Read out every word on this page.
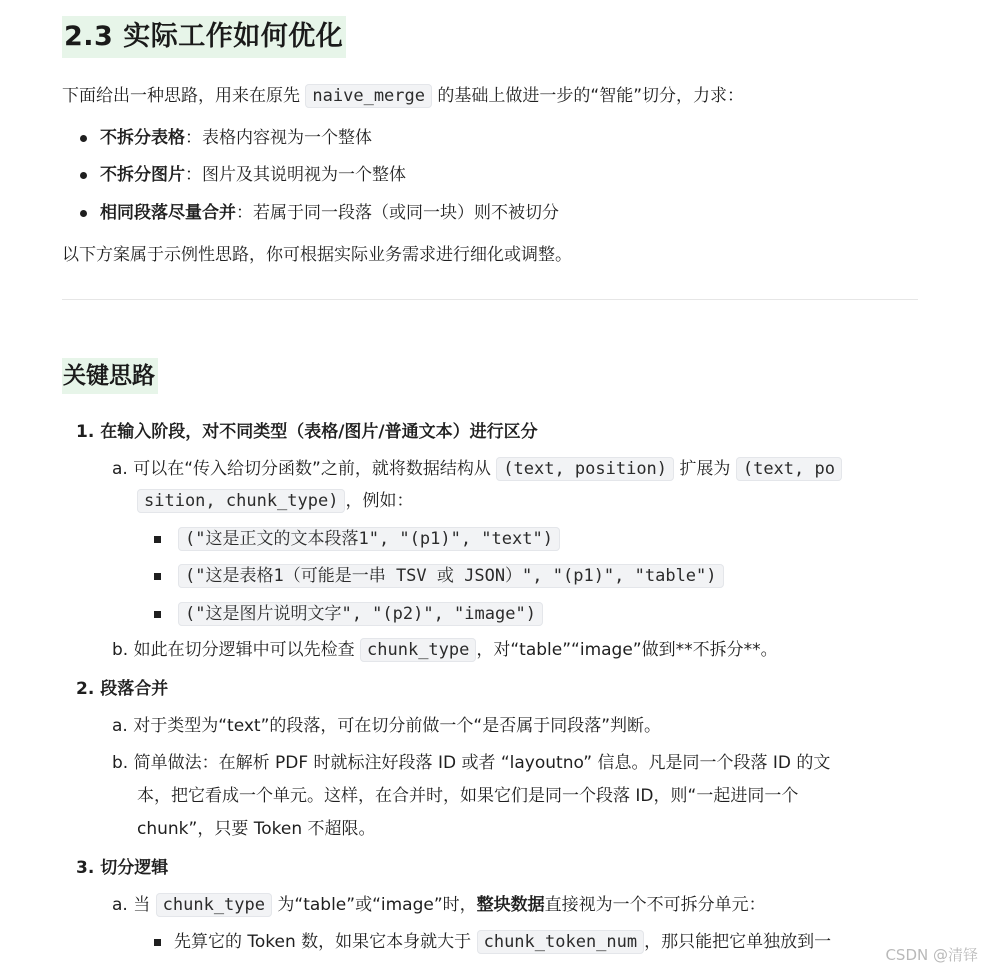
2.3 实际工作如何优化
下面给出一种思路，用来在原先 naive_merge 的基础上做进一步的“智能”切分，力求：
不拆分表格：表格内容视为一个整体
不拆分图片：图片及其说明视为一个整体
相同段落尽量合并：若属于同一段落（或同一块）则不被切分
以下方案属于示例性思路，你可根据实际业务需求进行细化或调整。
关键思路
1. 在输入阶段，对不同类型（表格/图片/普通文本）进行区分
a. 可以在“传入给切分函数”之前，就将数据结构从 (text, position) 扩展为 (text, po
sition, chunk_type) ，例如：
("这是正文的文本段落1", "(p1)", "text")
("这是表格1（可能是一串 TSV 或 JSON）", "(p1)", "table")
("这是图片说明文字", "(p2)", "image")
b. 如此在切分逻辑中可以先检查 chunk_type ，对“table”“image”做到**不拆分**。
2. 段落合并
a. 对于类型为“text”的段落，可在切分前做一个“是否属于同段落”判断。
b. 简单做法：在解析 PDF 时就标注好段落 ID 或者 “layoutno” 信息。凡是同一个段落 ID 的文
本，把它看成一个单元。这样，在合并时，如果它们是同一个段落 ID，则“一起进同一个
chunk”，只要 Token 不超限。
3. 切分逻辑
a. 当 chunk_type 为“table”或“image”时，整块数据直接视为一个不可拆分单元：
先算它的 Token 数，如果它本身就大于 chunk_token_num ，那只能把它单独放到一
CSDN @清铎
